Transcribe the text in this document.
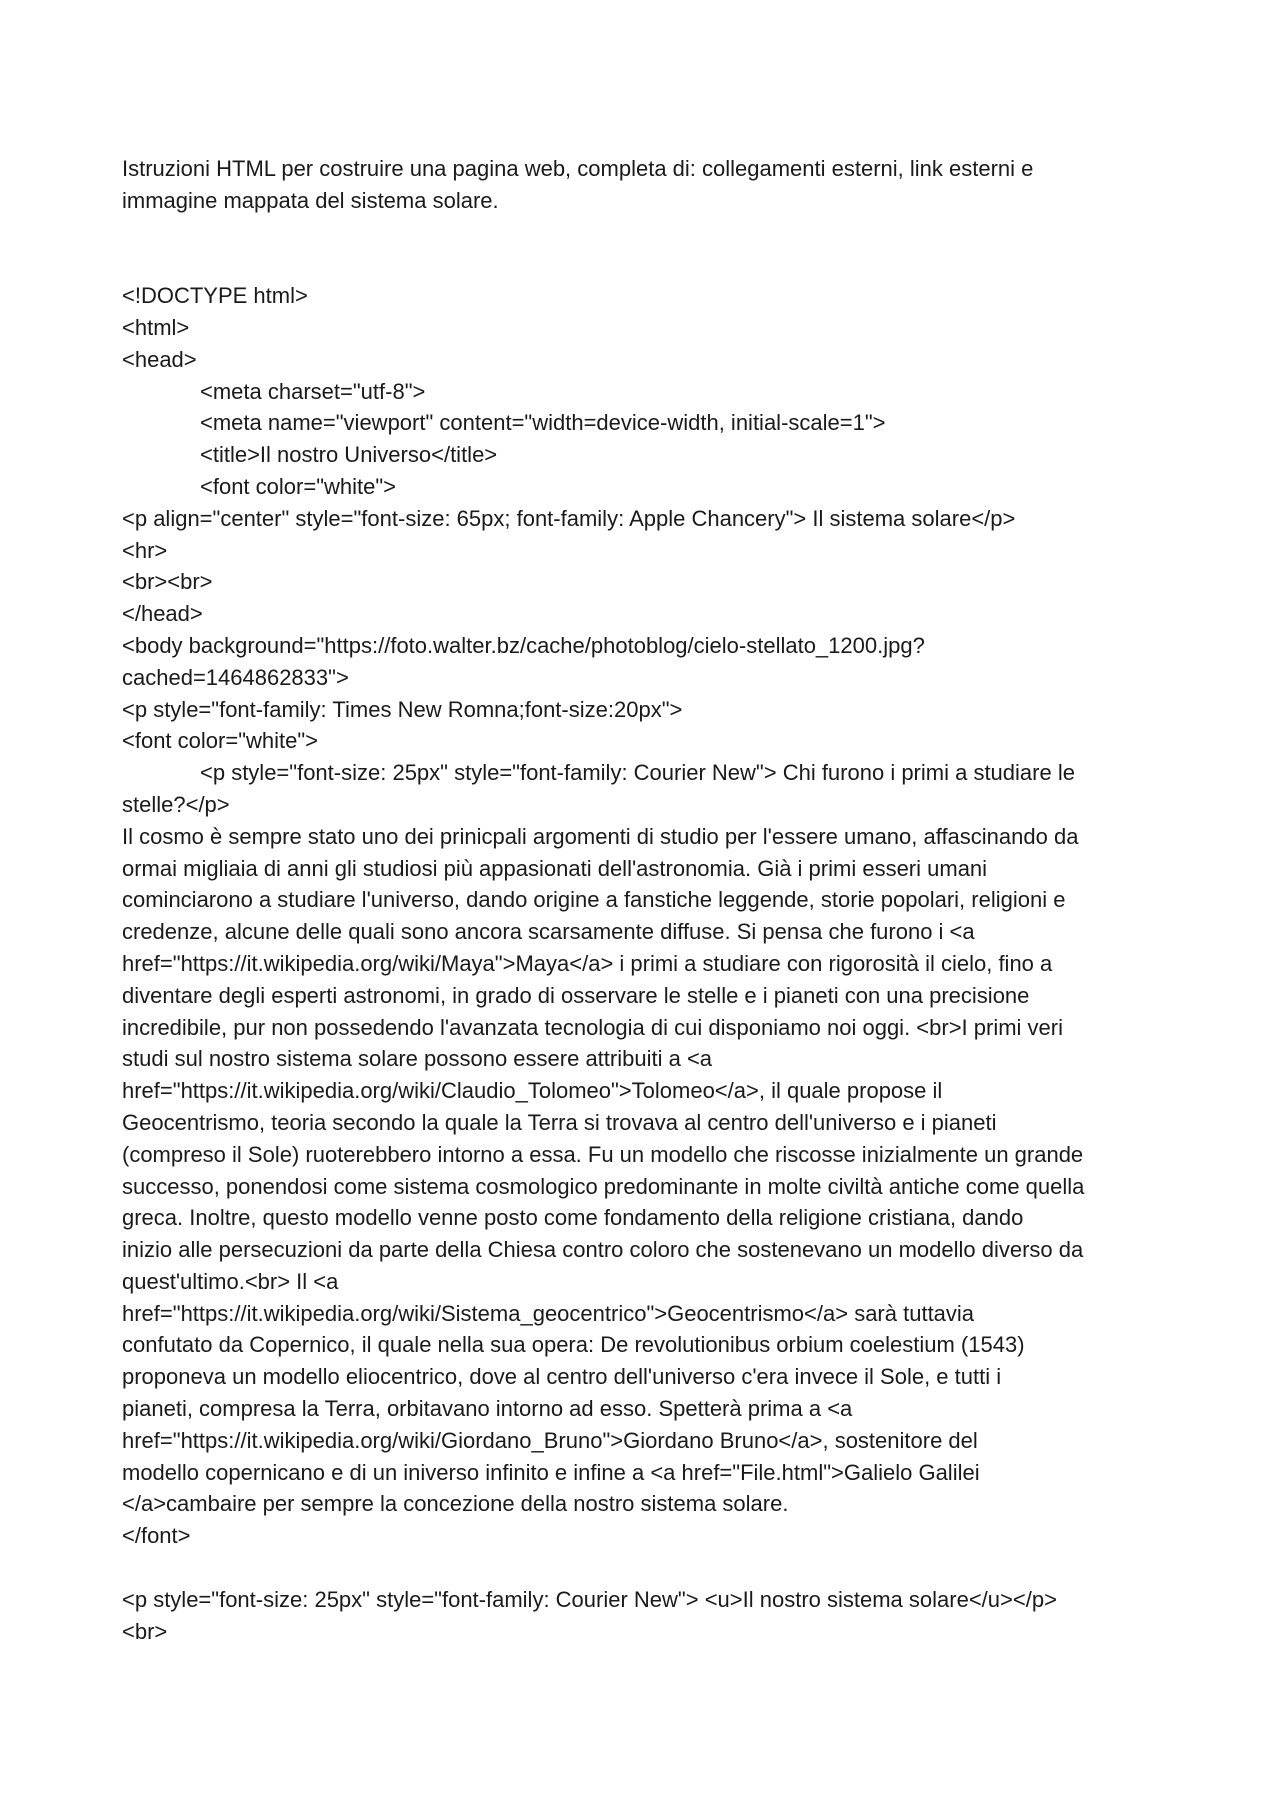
Istruzioni HTML per costruire una pagina web, completa di: collegamenti esterni, link esterni e
immagine mappata del sistema solare.
<!DOCTYPE html>
<html>
<head>
<meta charset="utf-8">
<meta name="viewport" content="width=device-width, initial-scale=1">
<title>Il nostro Universo</title>
<font color="white">
<p align="center" style="font-size: 65px; font-family: Apple Chancery"> Il sistema solare</p>
<hr>
<br><br>
</head>
<body background="https://foto.walter.bz/cache/photoblog/cielo-stellato_1200.jpg?
cached=1464862833">
<p style="font-family: Times New Romna;font-size:20px">
<font color="white">
<p style="font-size: 25px" style="font-family: Courier New"> Chi furono i primi a studiare le
stelle?</p>
Il cosmo è sempre stato uno dei prinicpali argomenti di studio per l'essere umano, affascinando da
ormai migliaia di anni gli studiosi più appasionati dell'astronomia. Già i primi esseri umani
cominciarono a studiare l'universo, dando origine a fanstiche leggende, storie popolari, religioni e
credenze, alcune delle quali sono ancora scarsamente diffuse. Si pensa che furono i <a
href="https://it.wikipedia.org/wiki/Maya">Maya</a> i primi a studiare con rigorosità il cielo, fino a
diventare degli esperti astronomi, in grado di osservare le stelle e i pianeti con una precisione
incredibile, pur non possedendo l'avanzata tecnologia di cui disponiamo noi oggi. <br>I primi veri
studi sul nostro sistema solare possono essere attribuiti a <a
href="https://it.wikipedia.org/wiki/Claudio_Tolomeo">Tolomeo</a>, il quale propose il
Geocentrismo, teoria secondo la quale la Terra si trovava al centro dell'universo e i pianeti
(compreso il Sole) ruoterebbero intorno a essa. Fu un modello che riscosse inizialmente un grande
successo, ponendosi come sistema cosmologico predominante in molte civiltà antiche come quella
greca. Inoltre, questo modello venne posto come fondamento della religione cristiana, dando
inizio alle persecuzioni da parte della Chiesa contro coloro che sostenevano un modello diverso da
quest'ultimo.<br> Il <a
href="https://it.wikipedia.org/wiki/Sistema_geocentrico">Geocentrismo</a> sarà tuttavia
confutato da Copernico, il quale nella sua opera: De revolutionibus orbium coelestium (1543)
proponeva un modello eliocentrico, dove al centro dell'universo c'era invece il Sole, e tutti i
pianeti, compresa la Terra, orbitavano intorno ad esso. Spetterà prima a <a
href="https://it.wikipedia.org/wiki/Giordano_Bruno">Giordano Bruno</a>, sostenitore del
modello copernicano e di un iniverso infinito e infine a <a href="File.html">Galielo Galilei
</a>cambaire per sempre la concezione della nostro sistema solare.
</font>
<p style="font-size: 25px" style="font-family: Courier New"> <u>Il nostro sistema solare</u></p>
<br>
